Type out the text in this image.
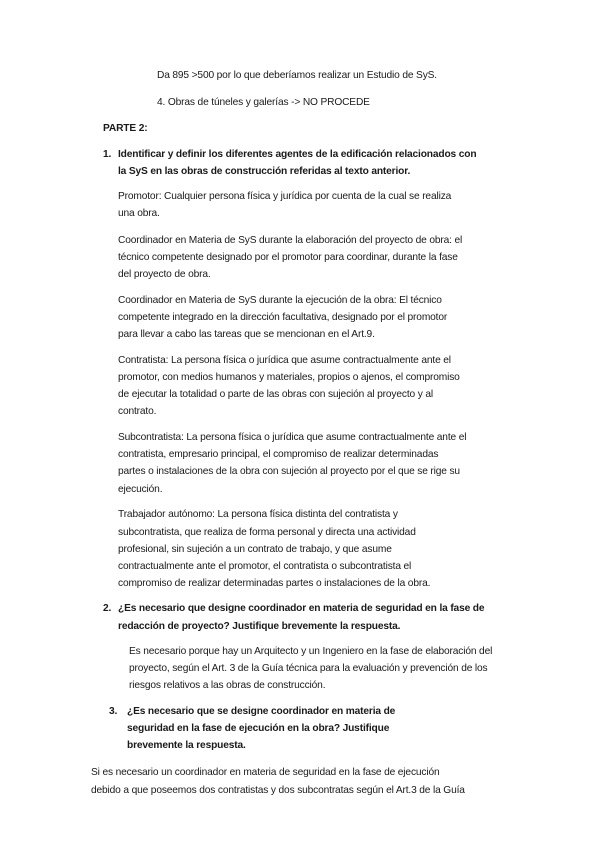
Da 895 >500 por lo que deberíamos realizar un Estudio de SyS.
4. Obras de túneles y galerías -> NO PROCEDE
PARTE 2:
1. Identificar y definir los diferentes agentes de la edificación relacionados con
la SyS en las obras de construcción referidas al texto anterior.
Promotor: Cualquier persona física y jurídica por cuenta de la cual se realiza
una obra.
Coordinador en Materia de SyS durante la elaboración del proyecto de obra: el
técnico competente designado por el promotor para coordinar, durante la fase
del proyecto de obra.
Coordinador en Materia de SyS durante la ejecución de la obra: El técnico
competente integrado en la dirección facultativa, designado por el promotor
para llevar a cabo las tareas que se mencionan en el Art.9.
Contratista: La persona física o jurídica que asume contractualmente ante el
promotor, con medios humanos y materiales, propios o ajenos, el compromiso
de ejecutar la totalidad o parte de las obras con sujeción al proyecto y al
contrato.
Subcontratista: La persona física o jurídica que asume contractualmente ante el
contratista, empresario principal, el compromiso de realizar determinadas
partes o instalaciones de la obra con sujeción al proyecto por el que se rige su
ejecución.
Trabajador autónomo: La persona física distinta del contratista y
subcontratista, que realiza de forma personal y directa una actividad
profesional, sin sujeción a un contrato de trabajo, y que asume
contractualmente ante el promotor, el contratista o subcontratista el
compromiso de realizar determinadas partes o instalaciones de la obra.
2. ¿Es necesario que designe coordinador en materia de seguridad en la fase de
redacción de proyecto? Justifique brevemente la respuesta.
Es necesario porque hay un Arquitecto y un Ingeniero en la fase de elaboración del
proyecto, según el Art. 3 de la Guía técnica para la evaluación y prevención de los
riesgos relativos a las obras de construcción.
3. ¿Es necesario que se designe coordinador en materia de
seguridad en la fase de ejecución en la obra? Justifique
brevemente la respuesta.
Si es necesario un coordinador en materia de seguridad en la fase de ejecución
debido a que poseemos dos contratistas y dos subcontratas según el Art.3 de la Guía
